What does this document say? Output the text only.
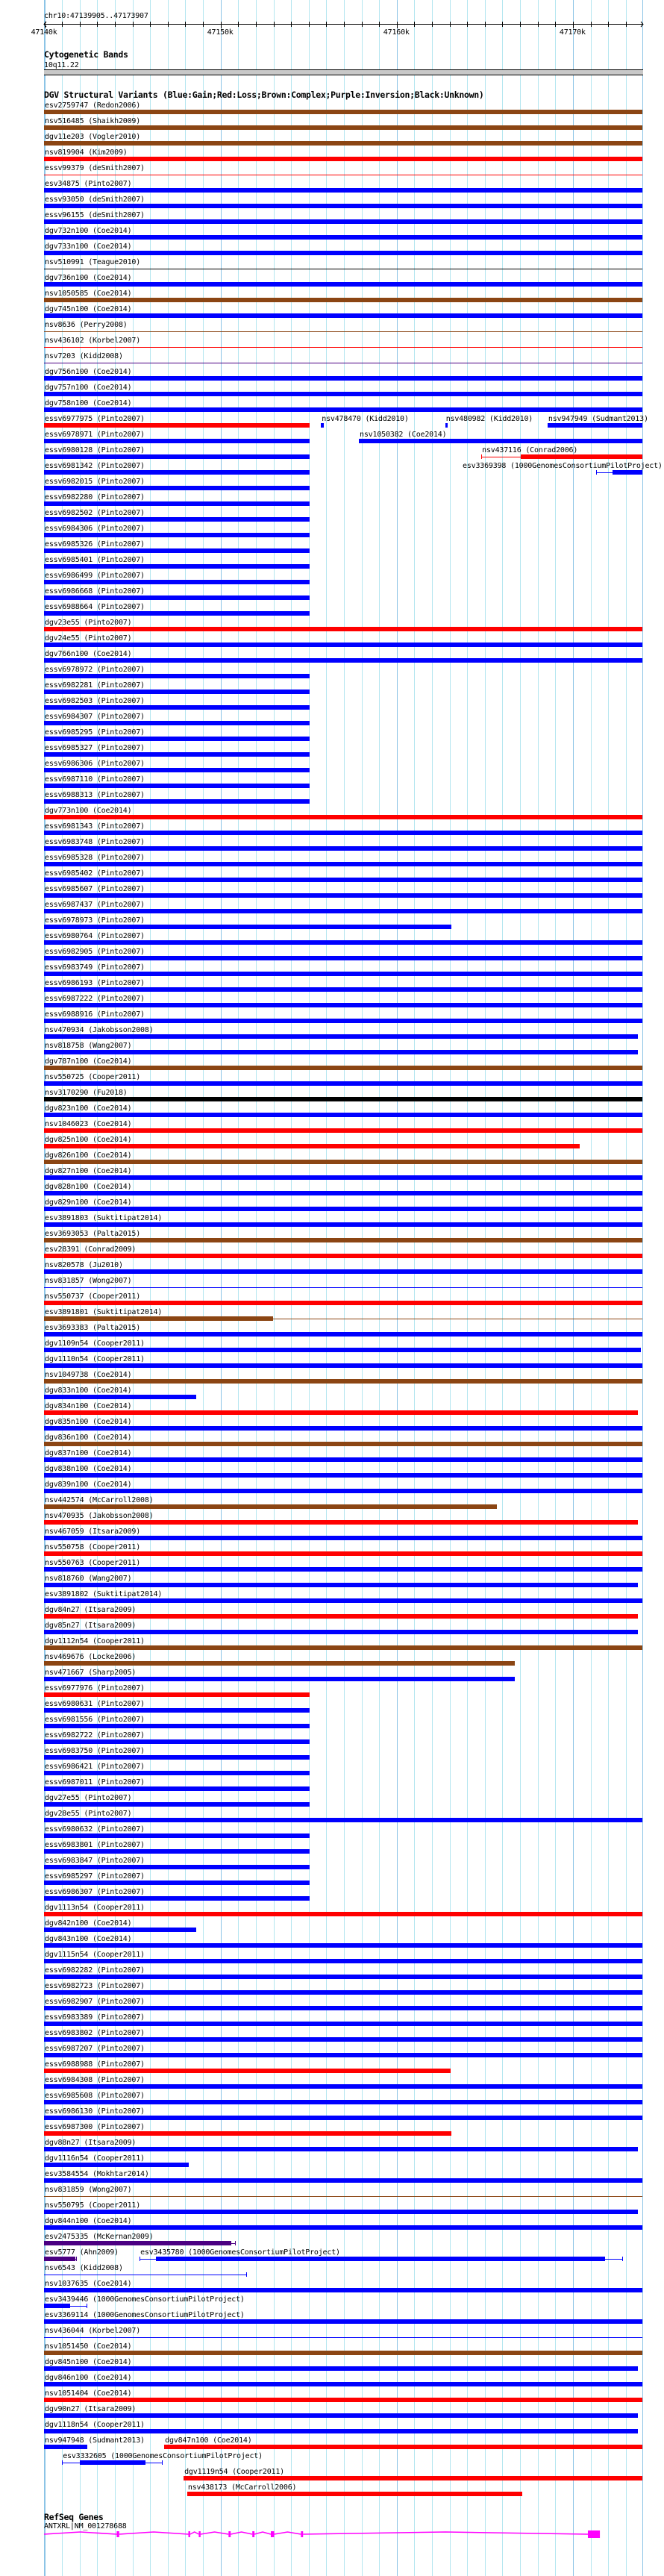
chr10:47139905..47173907
47140k	47150k	47160k	47170k
Cytogenetic Bands
10q11.22
DGV Structural Variants (Blue:Gain;Red:Loss;Brown:Complex;Purple:Inversion;Black:Unknown)
esv2759747 (Redon2006)
nsv516485 (Shaikh2009)
dgv11e203 (Vogler2010)
nsv819904 (Kim2009)
essv99379 (deSmith2007)
esv34875 (Pinto2007)
essv93050 (deSmith2007)
essv96155 (deSmith2007)
dgv732n100 (Coe2014)
dgv733n100 (Coe2014)
nsv510991 (Teague2010)
dgv736n100 (Coe2014)
nsv1050585 (Coe2014)
dgv745n100 (Coe2014)
nsv8636 (Perry2008)
nsv436102 (Korbel2007)
nsv7203 (Kidd2008)
dgv756n100 (Coe2014)
dgv757n100 (Coe2014)
dgv758n100 (Coe2014)
essv6977975 (Pinto2007)	nsv478470 (Kidd2010)	nsv480982 (Kidd2010) nsv947949 (Sudmant2013)
essv6978971 (Pinto2007)	nsv1050382 (Coe2014)
essv6980128 (Pinto2007)	nsv437116 (Conrad2006)
essv6981342 (Pinto2007)	esv3369398 (1000GenomesConsortiumPilotProject)
essv6982015 (Pinto2007)
essv6982280 (Pinto2007)
essv6982502 (Pinto2007)
essv6984306 (Pinto2007)
essv6985326 (Pinto2007)
essv6985401 (Pinto2007)
essv6986499 (Pinto2007)
essv6986668 (Pinto2007)
essv6988664 (Pinto2007)
dgv23e55 (Pinto2007)
dgv24e55 (Pinto2007)
dgv766n100 (Coe2014)
essv6978972 (Pinto2007)
essv6982281 (Pinto2007)
essv6982503 (Pinto2007)
essv6984307 (Pinto2007)
essv6985295 (Pinto2007)
essv6985327 (Pinto2007)
essv6986306 (Pinto2007)
essv6987110 (Pinto2007)
essv6988313 (Pinto2007)
dgv773n100 (Coe2014)
essv6981343 (Pinto2007)
essv6983748 (Pinto2007)
essv6985328 (Pinto2007)
essv6985402 (Pinto2007)
essv6985607 (Pinto2007)
essv6987437 (Pinto2007)
essv6978973 (Pinto2007)
essv6980764 (Pinto2007)
essv6982905 (Pinto2007)
essv6983749 (Pinto2007)
essv6986193 (Pinto2007)
essv6987222 (Pinto2007)
essv6988916 (Pinto2007)
nsv470934 (Jakobsson2008)
nsv818758 (Wang2007)
dgv787n100 (Coe2014)
nsv550725 (Cooper2011)
nsv3170290 (Fu2018)
dgv823n100 (Coe2014)
nsv1046023 (Coe2014)
dgv825n100 (Coe2014)
dgv826n100 (Coe2014)
dgv827n100 (Coe2014)
dgv828n100 (Coe2014)
dgv829n100 (Coe2014)
esv3891803 (Suktitipat2014)
esv3693053 (Palta2015)
esv28391 (Conrad2009)
nsv820578 (Ju2010)
nsv831857 (Wong2007)
nsv550737 (Cooper2011)
esv3891801 (Suktitipat2014)
esv3693383 (Palta2015)
dgv1109n54 (Cooper2011)
dgv1110n54 (Cooper2011)
nsv1049738 (Coe2014)
dgv833n100 (Coe2014)
dgv834n100 (Coe2014)
dgv835n100 (Coe2014)
dgv836n100 (Coe2014)
dgv837n100 (Coe2014)
dgv838n100 (Coe2014)
dgv839n100 (Coe2014)
nsv442574 (McCarroll2008)
nsv470935 (Jakobsson2008)
nsv467059 (Itsara2009)
nsv550758 (Cooper2011)
nsv550763 (Cooper2011)
nsv818760 (Wang2007)
esv3891802 (Suktitipat2014)
dgv84n27 (Itsara2009)
dgv85n27 (Itsara2009)
dgv1112n54 (Cooper2011)
nsv469676 (Locke2006)
nsv471667 (Sharp2005)
essv6977976 (Pinto2007)
essv6980631 (Pinto2007)
essv6981556 (Pinto2007)
essv6982722 (Pinto2007)
essv6983750 (Pinto2007)
essv6986421 (Pinto2007)
essv6987011 (Pinto2007)
dgv27e55 (Pinto2007)
dgv28e55 (Pinto2007)
essv6980632 (Pinto2007)
essv6983801 (Pinto2007)
essv6983847 (Pinto2007)
essv6985297 (Pinto2007)
essv6986307 (Pinto2007)
dgv1113n54 (Cooper2011)
dgv842n100 (Coe2014)
dgv843n100 (Coe2014)
dgv1115n54 (Cooper2011)
essv6982282 (Pinto2007)
essv6982723 (Pinto2007)
essv6982907 (Pinto2007)
essv6983389 (Pinto2007)
essv6983802 (Pinto2007)
essv6987207 (Pinto2007)
essv6988988 (Pinto2007)
essv6984308 (Pinto2007)
essv6985608 (Pinto2007)
essv6986130 (Pinto2007)
essv6987300 (Pinto2007)
dgv88n27 (Itsara2009)
dgv1116n54 (Cooper2011)
esv3584554 (Mokhtar2014)
nsv831859 (Wong2007)
nsv550795 (Cooper2011)
dgv844n100 (Coe2014)
esv2475335 (McKernan2009)
esv5777 (Ahn2009)	esv3435780 (1000GenomesConsortiumPilotProject)
nsv6543 (Kidd2008)
nsv1037635 (Coe2014)
esv3439446 (1000GenomesConsortiumPilotProject)
esv3369114 (1000GenomesConsortiumPilotProject)
nsv436044 (Korbel2007)
nsv1051450 (Coe2014)
dgv845n100 (Coe2014)
dgv846n100 (Coe2014)
nsv1051404 (Coe2014)
dgv90n27 (Itsara2009)
dgv1118n54 (Cooper2011)
nsv947948 (Sudmant2013)	dgv847n100 (Coe2014)
esv3332605 (1000GenomesConsortiumPilotProject)
dgv1119n54 (Cooper2011)
nsv438173 (McCarroll2006)
RefSeq Genes
ANTXRL|NM_001278688
